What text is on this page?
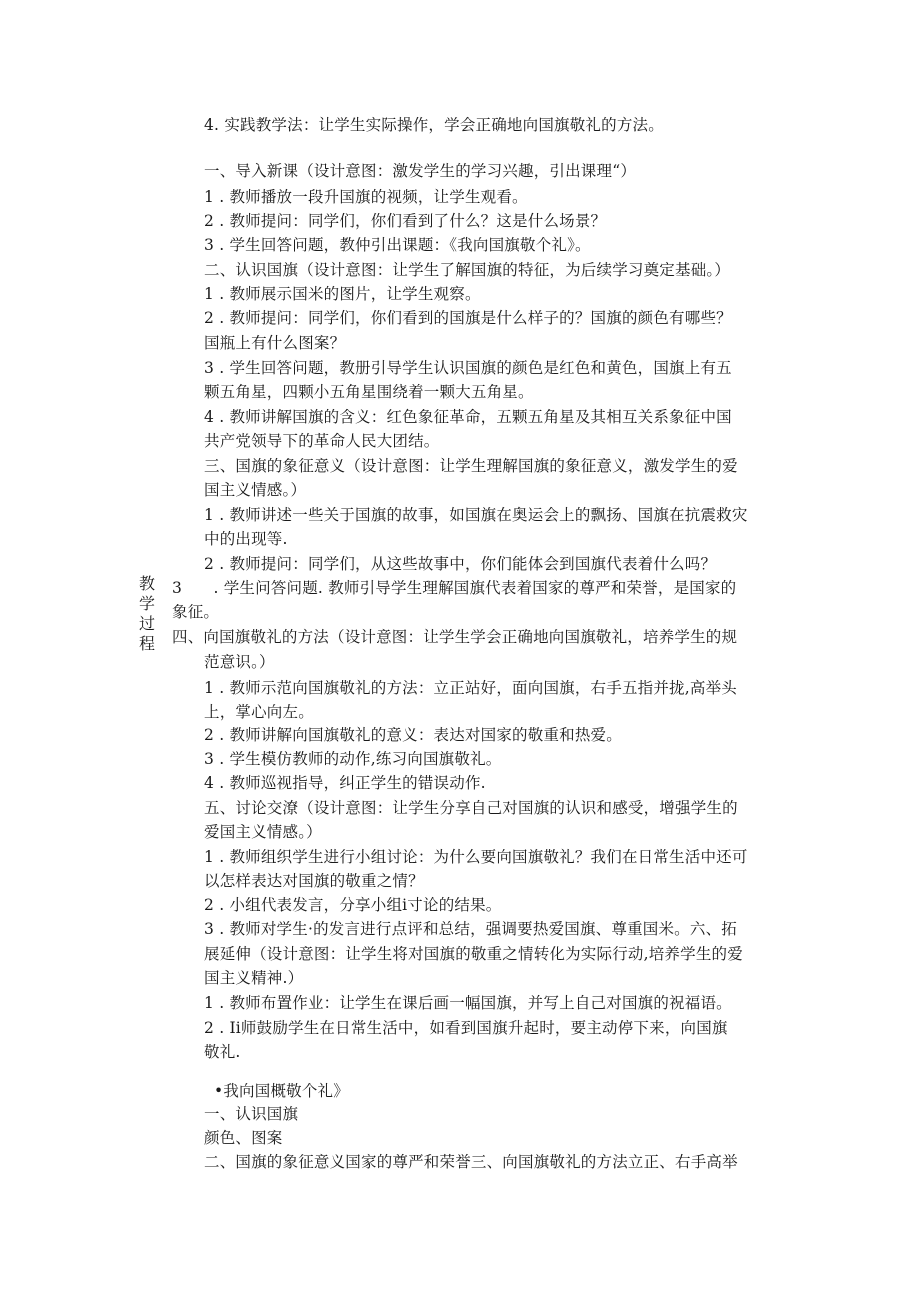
教
学
过
程
4. 实践教学法：让学生实际操作，学会正确地向国旗敬礼的方法。
一、导入新课（设计意图：激发学生的学习兴趣，引出课理“）
1 . 教师播放一段升国旗的视频，让学生观看。
2 . 教师提问：同学们，你们看到了什么？这是什么场景？
3 . 学生回答问题，教仲引出课题：《我向国旗敬个礼》。
二、认识国旗（设计意图：让学生了解国旗的特征，为后续学习奠定基础。）
1 . 教师展示国米的图片，让学生观察。
2 . 教师提问：同学们，你们看到的国旗是什么样子的？国旗的颜色有哪些？
国瓶上有什么图案？
3 . 学生回答问题，教册引导学生认识国旗的颜色是红色和黄色，国旗上有五
颗五角星，四颗小五角星围绕着一颗大五角星。
4 . 教师讲解国旗的含义：红色象征革命，五颗五角星及其相互关系象征中国
共产党领导下的革命人民大团结。
三、国旗的象征意义（设计意图：让学生理解国旗的象征意义，激发学生的爱
国主义情感。）
1 . 教师讲述一些关于国旗的故事，如国旗在奥运会上的飘扬、国旗在抗震救灾
中的出现等.
2 . 教师提问：同学们，从这些故事中，你们能体会到国旗代表着什么吗？
3　　. 学生问答问题. 教师引导学生理解国旗代表着国家的尊严和荣誉，是国家的
象征。
四、向国旗敬礼的方法（设计意图：让学生学会正确地向国旗敬礼，培养学生的规
范意识。）
1 . 教师示范向国旗敬礼的方法：立正站好，面向国旗，右手五指并拢,高举头
上，掌心向左。
2 . 教师讲解向国旗敬礼的意义：表达对国家的敬重和热爱。
3 . 学生模仿教师的动作,练习向国旗敬礼。
4 . 教师巡视指导，纠正学生的错误动作.
五、讨论交潦（设计意图：让学生分享自己对国旗的认识和感受，增强学生的
爱国主义情感。）
1 . 教师组织学生进行小组讨论：为什么要向国旗敬礼？我们在日常生活中还可
以怎样表达对国旗的敬重之情？
2 . 小组代表发言，分享小组i寸论的结果。
3 . 教师对学生·的发言进行点评和总结，强调要热爱国旗、尊重国米。六、拓
展延伸（设计意图：让学生将对国旗的敬重之情转化为实际行动,培养学生的爱
国主义精神.）
1 . 教师布置作业：让学生在课后画一幅国旗，并写上自己对国旗的祝福语。
2 . Ii师鼓励学生在日常生活中，如看到国旗升起时，要主动停下来，向国旗
敬礼.
•我向国概敬个礼》
一、认识国旗
颜色、图案
二、国旗的象征意义国家的尊严和荣誉三、向国旗敬礼的方法立正、右手高举
